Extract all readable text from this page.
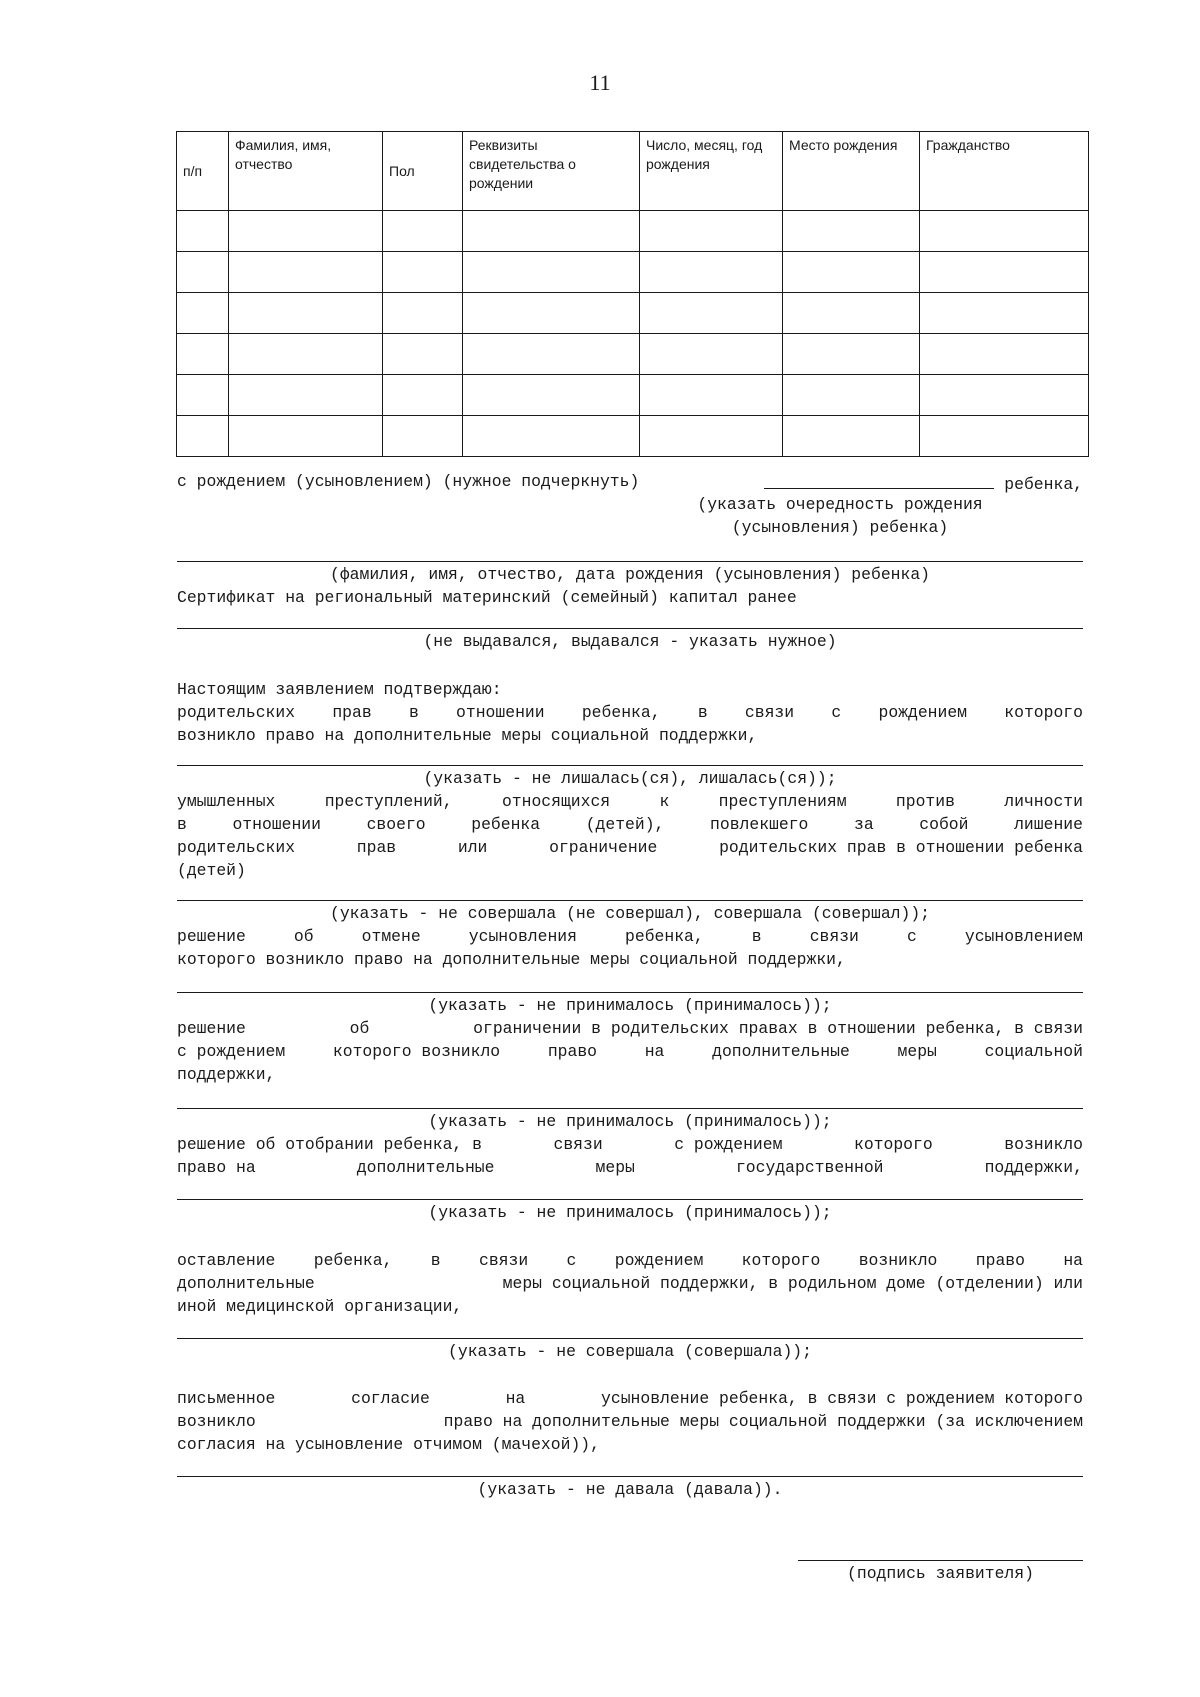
11
п/п	Фамилия, имя, отчество	Пол	Реквизиты свидетельства о рождении	Число, месяц, год рождения	Место рождения	Гражданство

с рождением (усыновлением) (нужное подчеркнуть)	ребенка,
(указать очередность рождения
(усыновления) ребенка)
(фамилия, имя, отчество, дата рождения (усыновления) ребенка)
Сертификат на региональный материнский (семейный) капитал ранее
(не выдавался, выдавался - указать нужное)
Настоящим заявлением подтверждаю:
родительских прав в отношении ребенка, в связи с рождением которого
возникло право на дополнительные меры социальной поддержки,
(указать - не лишалась(ся), лишалась(ся));
умышленных	преступлений,	относящихся	к	преступлениям	против	личности
в	отношении	своего	ребенка	(детей),	повлекшего	за	собой	лишение
родительских	прав	или	ограничение	родительских прав в отношении ребенка
(детей)
(указать - не совершала (не совершал), совершала (совершал));
решение	об	отмене	усыновления	ребенка,	в	связи	с	усыновлением
которого возникло право на дополнительные меры социальной поддержки,
(указать - не принималось (принималось));
решение	об	ограничении в родительских правах в отношении ребенка, в связи
с рождением	которого возникло	право	на	дополнительные	меры	социальной
поддержки,
(указать - не принималось (принималось));
решение об отобрании ребенка, в	связи	с рождением	которого	возникло
право на	дополнительные	меры	государственной	поддержки,
(указать - не принималось (принималось));
оставление ребенка, в связи с рождением которого возникло право на
дополнительные	меры социальной поддержки, в родильном доме (отделении) или
иной медицинской организации,
(указать - не совершала (совершала));
письменное	согласие	на	усыновление ребенка, в связи с рождением которого
возникло	право на дополнительные меры социальной поддержки (за исключением
согласия на усыновление отчимом (мачехой)),
(указать - не давала (давала)).
(подпись заявителя)
